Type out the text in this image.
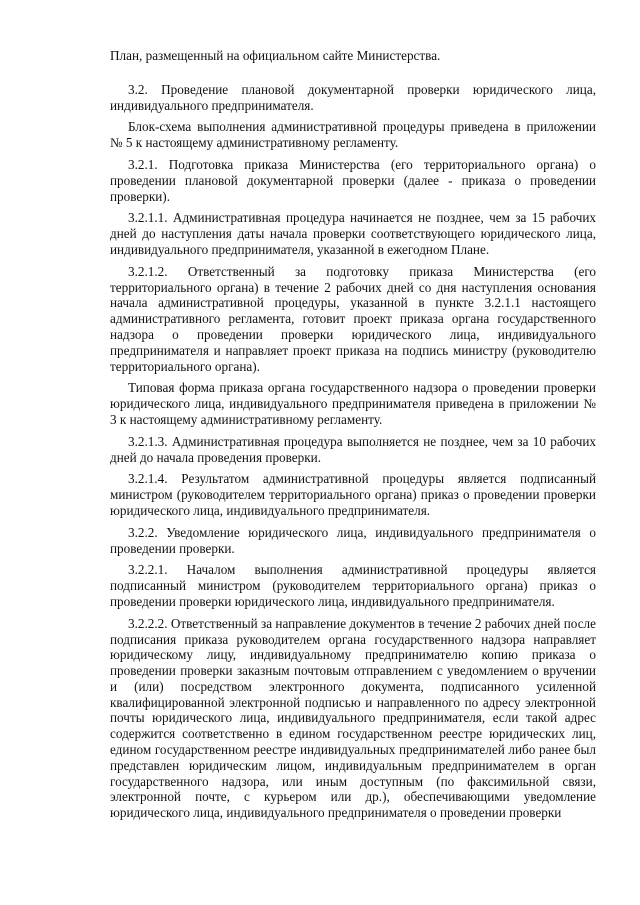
План, размещенный на официальном сайте Министерства.

3.2. Проведение плановой документарной проверки юридического лица, индивидуального предпринимателя.

Блок-схема выполнения административной процедуры приведена в приложении № 5 к настоящему административному регламенту.

3.2.1. Подготовка приказа Министерства (его территориального органа) о проведении плановой документарной проверки (далее - приказа о проведении проверки).

3.2.1.1. Административная процедура начинается не позднее, чем за 15 рабочих дней до наступления даты начала проверки соответствующего юридического лица, индивидуального предпринимателя, указанной в ежегодном Плане.

3.2.1.2. Ответственный за подготовку приказа Министерства (его территориального органа) в течение 2 рабочих дней со дня наступления основания начала административной процедуры, указанной в пункте 3.2.1.1 настоящего административного регламента, готовит проект приказа органа государственного надзора о проведении проверки юридического лица, индивидуального предпринимателя и направляет проект приказа на подпись министру (руководителю территориального органа).

Типовая форма приказа органа государственного надзора о проведении проверки юридического лица, индивидуального предпринимателя приведена в приложении № 3 к настоящему административному регламенту.

3.2.1.3. Административная процедура выполняется не позднее, чем за 10 рабочих дней до начала проведения проверки.

3.2.1.4. Результатом административной процедуры является подписанный министром (руководителем территориального органа) приказ о проведении проверки юридического лица, индивидуального предпринимателя.

3.2.2. Уведомление юридического лица, индивидуального предпринимателя о проведении проверки.

3.2.2.1. Началом выполнения административной процедуры является подписанный министром (руководителем территориального органа) приказ о проведении проверки юридического лица, индивидуального предпринимателя.

3.2.2.2. Ответственный за направление документов в течение 2 рабочих дней после подписания приказа руководителем органа государственного надзора направляет юридическому лицу, индивидуальному предпринимателю копию приказа о проведении проверки заказным почтовым отправлением с уведомлением о вручении и (или) посредством электронного документа, подписанного усиленной квалифицированной электронной подписью и направленного по адресу электронной почты юридического лица, индивидуального предпринимателя, если такой адрес содержится соответственно в едином государственном реестре юридических лиц, едином государственном реестре индивидуальных предпринимателей либо ранее был представлен юридическим лицом, индивидуальным предпринимателем в орган государственного надзора, или иным доступным (по факсимильной связи, электронной почте, с курьером или др.), обеспечивающими уведомление юридического лица, индивидуального предпринимателя о проведении проверки
